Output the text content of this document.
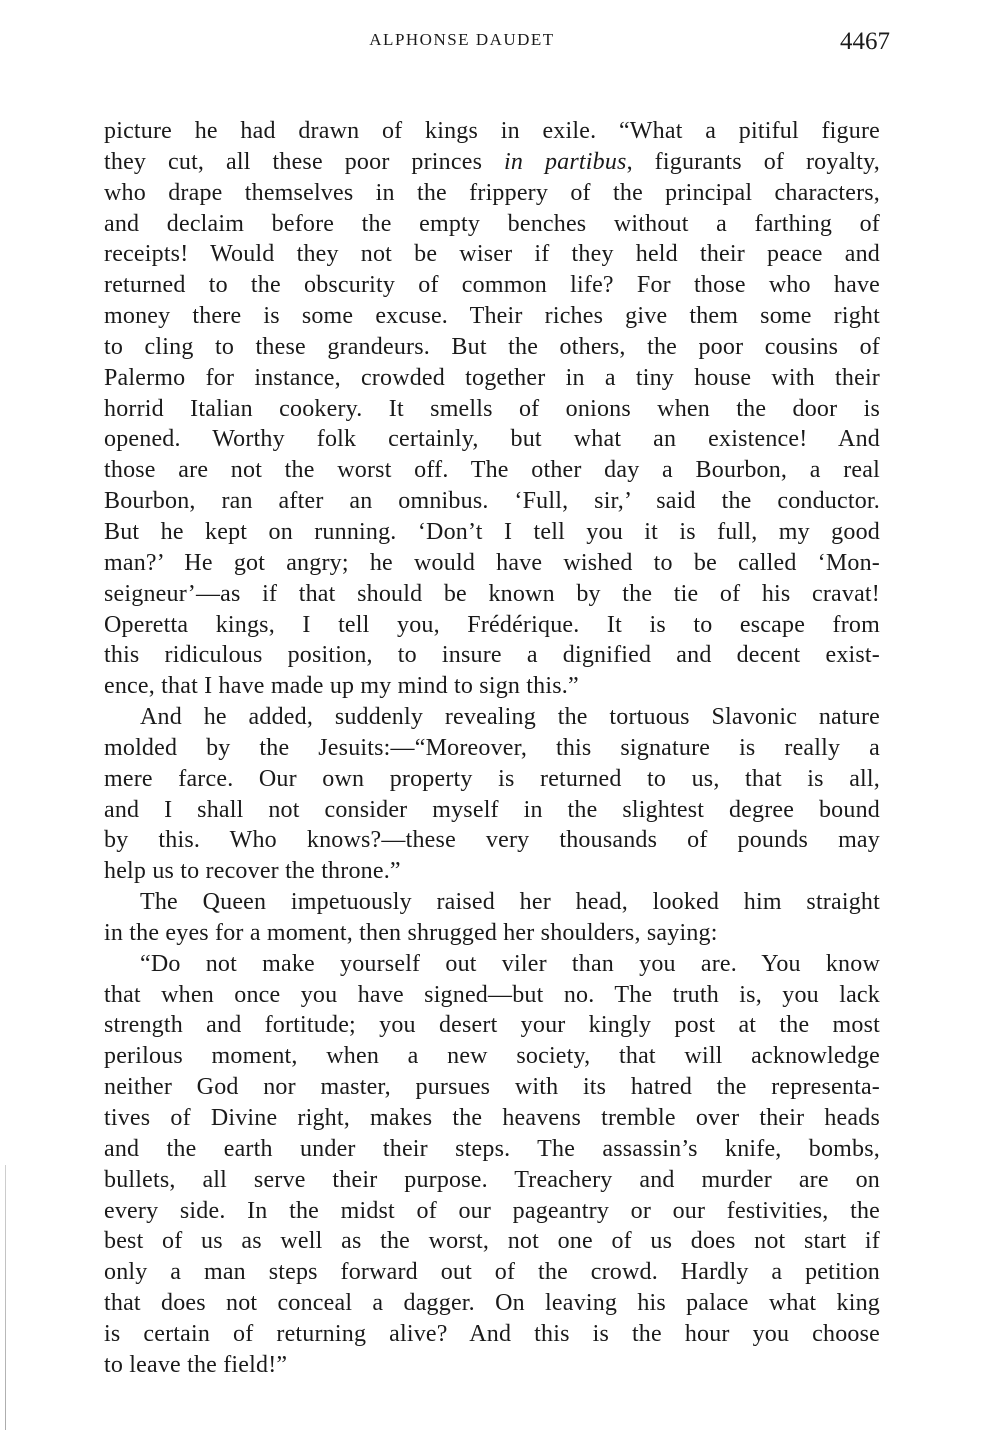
ALPHONSE DAUDET	4467
picture he had drawn of kings in exile. “What a pitiful figure
they cut, all these poor princes in partibus, figurants of royalty,
who drape themselves in the frippery of the principal characters,
and declaim before the empty benches without a farthing of
receipts! Would they not be wiser if they held their peace and
returned to the obscurity of common life? For those who have
money there is some excuse. Their riches give them some right
to cling to these grandeurs. But the others, the poor cousins of
Palermo for instance, crowded together in a tiny house with their
horrid Italian cookery. It smells of onions when the door is
opened. Worthy folk certainly, but what an existence! And
those are not the worst off. The other day a Bourbon, a real
Bourbon, ran after an omnibus. ‘Full, sir,’ said the conductor.
But he kept on running. ‘Don’t I tell you it is full, my good
man?’ He got angry; he would have wished to be called ‘Mon-
seigneur’—as if that should be known by the tie of his cravat!
Operetta kings, I tell you, Frédérique. It is to escape from
this ridiculous position, to insure a dignified and decent exist-
ence, that I have made up my mind to sign this.”
And he added, suddenly revealing the tortuous Slavonic nature
molded by the Jesuits:—“Moreover, this signature is really a
mere farce. Our own property is returned to us, that is all,
and I shall not consider myself in the slightest degree bound
by this. Who knows?—these very thousands of pounds may
help us to recover the throne.”
The Queen impetuously raised her head, looked him straight
in the eyes for a moment, then shrugged her shoulders, saying:
“Do not make yourself out viler than you are. You know
that when once you have signed—but no. The truth is, you lack
strength and fortitude; you desert your kingly post at the most
perilous moment, when a new society, that will acknowledge
neither God nor master, pursues with its hatred the representa-
tives of Divine right, makes the heavens tremble over their heads
and the earth under their steps. The assassin’s knife, bombs,
bullets, all serve their purpose. Treachery and murder are on
every side. In the midst of our pageantry or our festivities, the
best of us as well as the worst, not one of us does not start if
only a man steps forward out of the crowd. Hardly a petition
that does not conceal a dagger. On leaving his palace what king
is certain of returning alive? And this is the hour you choose
to leave the field!”
